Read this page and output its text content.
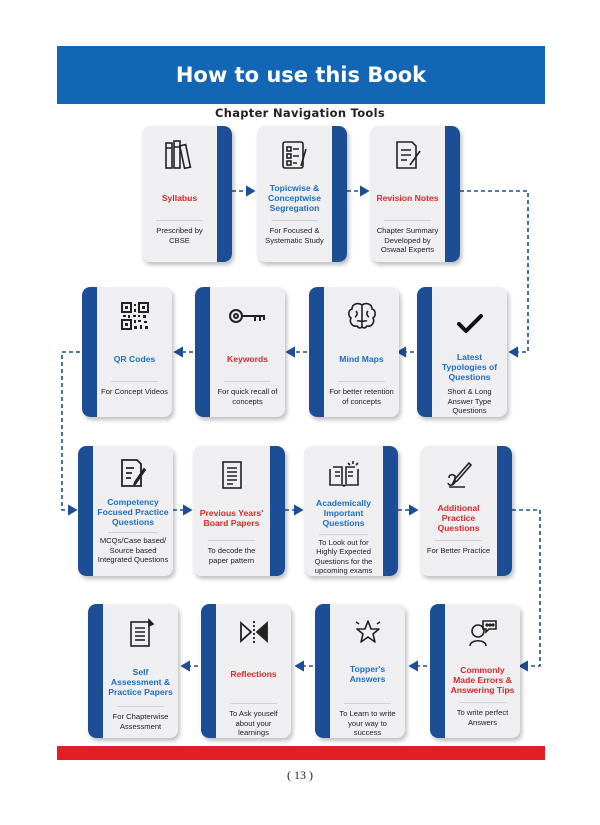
How to use this Book
Chapter Navigation Tools
Syllabus
Prescribed by CBSE
Topicwise & Conceptwise Segregation
For Focused & Systematic Study
Revision Notes
Chapter Summary Developed by Oswaal Experts
QR Codes
For Concept Videos
Keywords
For quick recall of concepts
Mind Maps
For better retention of concepts
Latest Typologies of Questions
Short & Long Answer Type Questions
Competency Focused Practice Questions
MCQs/Case based/ Source based Integrated Questions
Previous Years' Board Papers
To decode the paper pattern
Academically Important Questions
To Look out for Highly Expected Questions for the upcoming exams
Additional Practice Questions
For Better Practice
Self Assessment & Practice Papers
For Chapterwise Assessment
Reflections
To Ask youself about your learnings
Topper's Answers
To Learn to write your way to success
Commonly Made Errors & Answering Tips
To write perfect Answers
( 13 )
